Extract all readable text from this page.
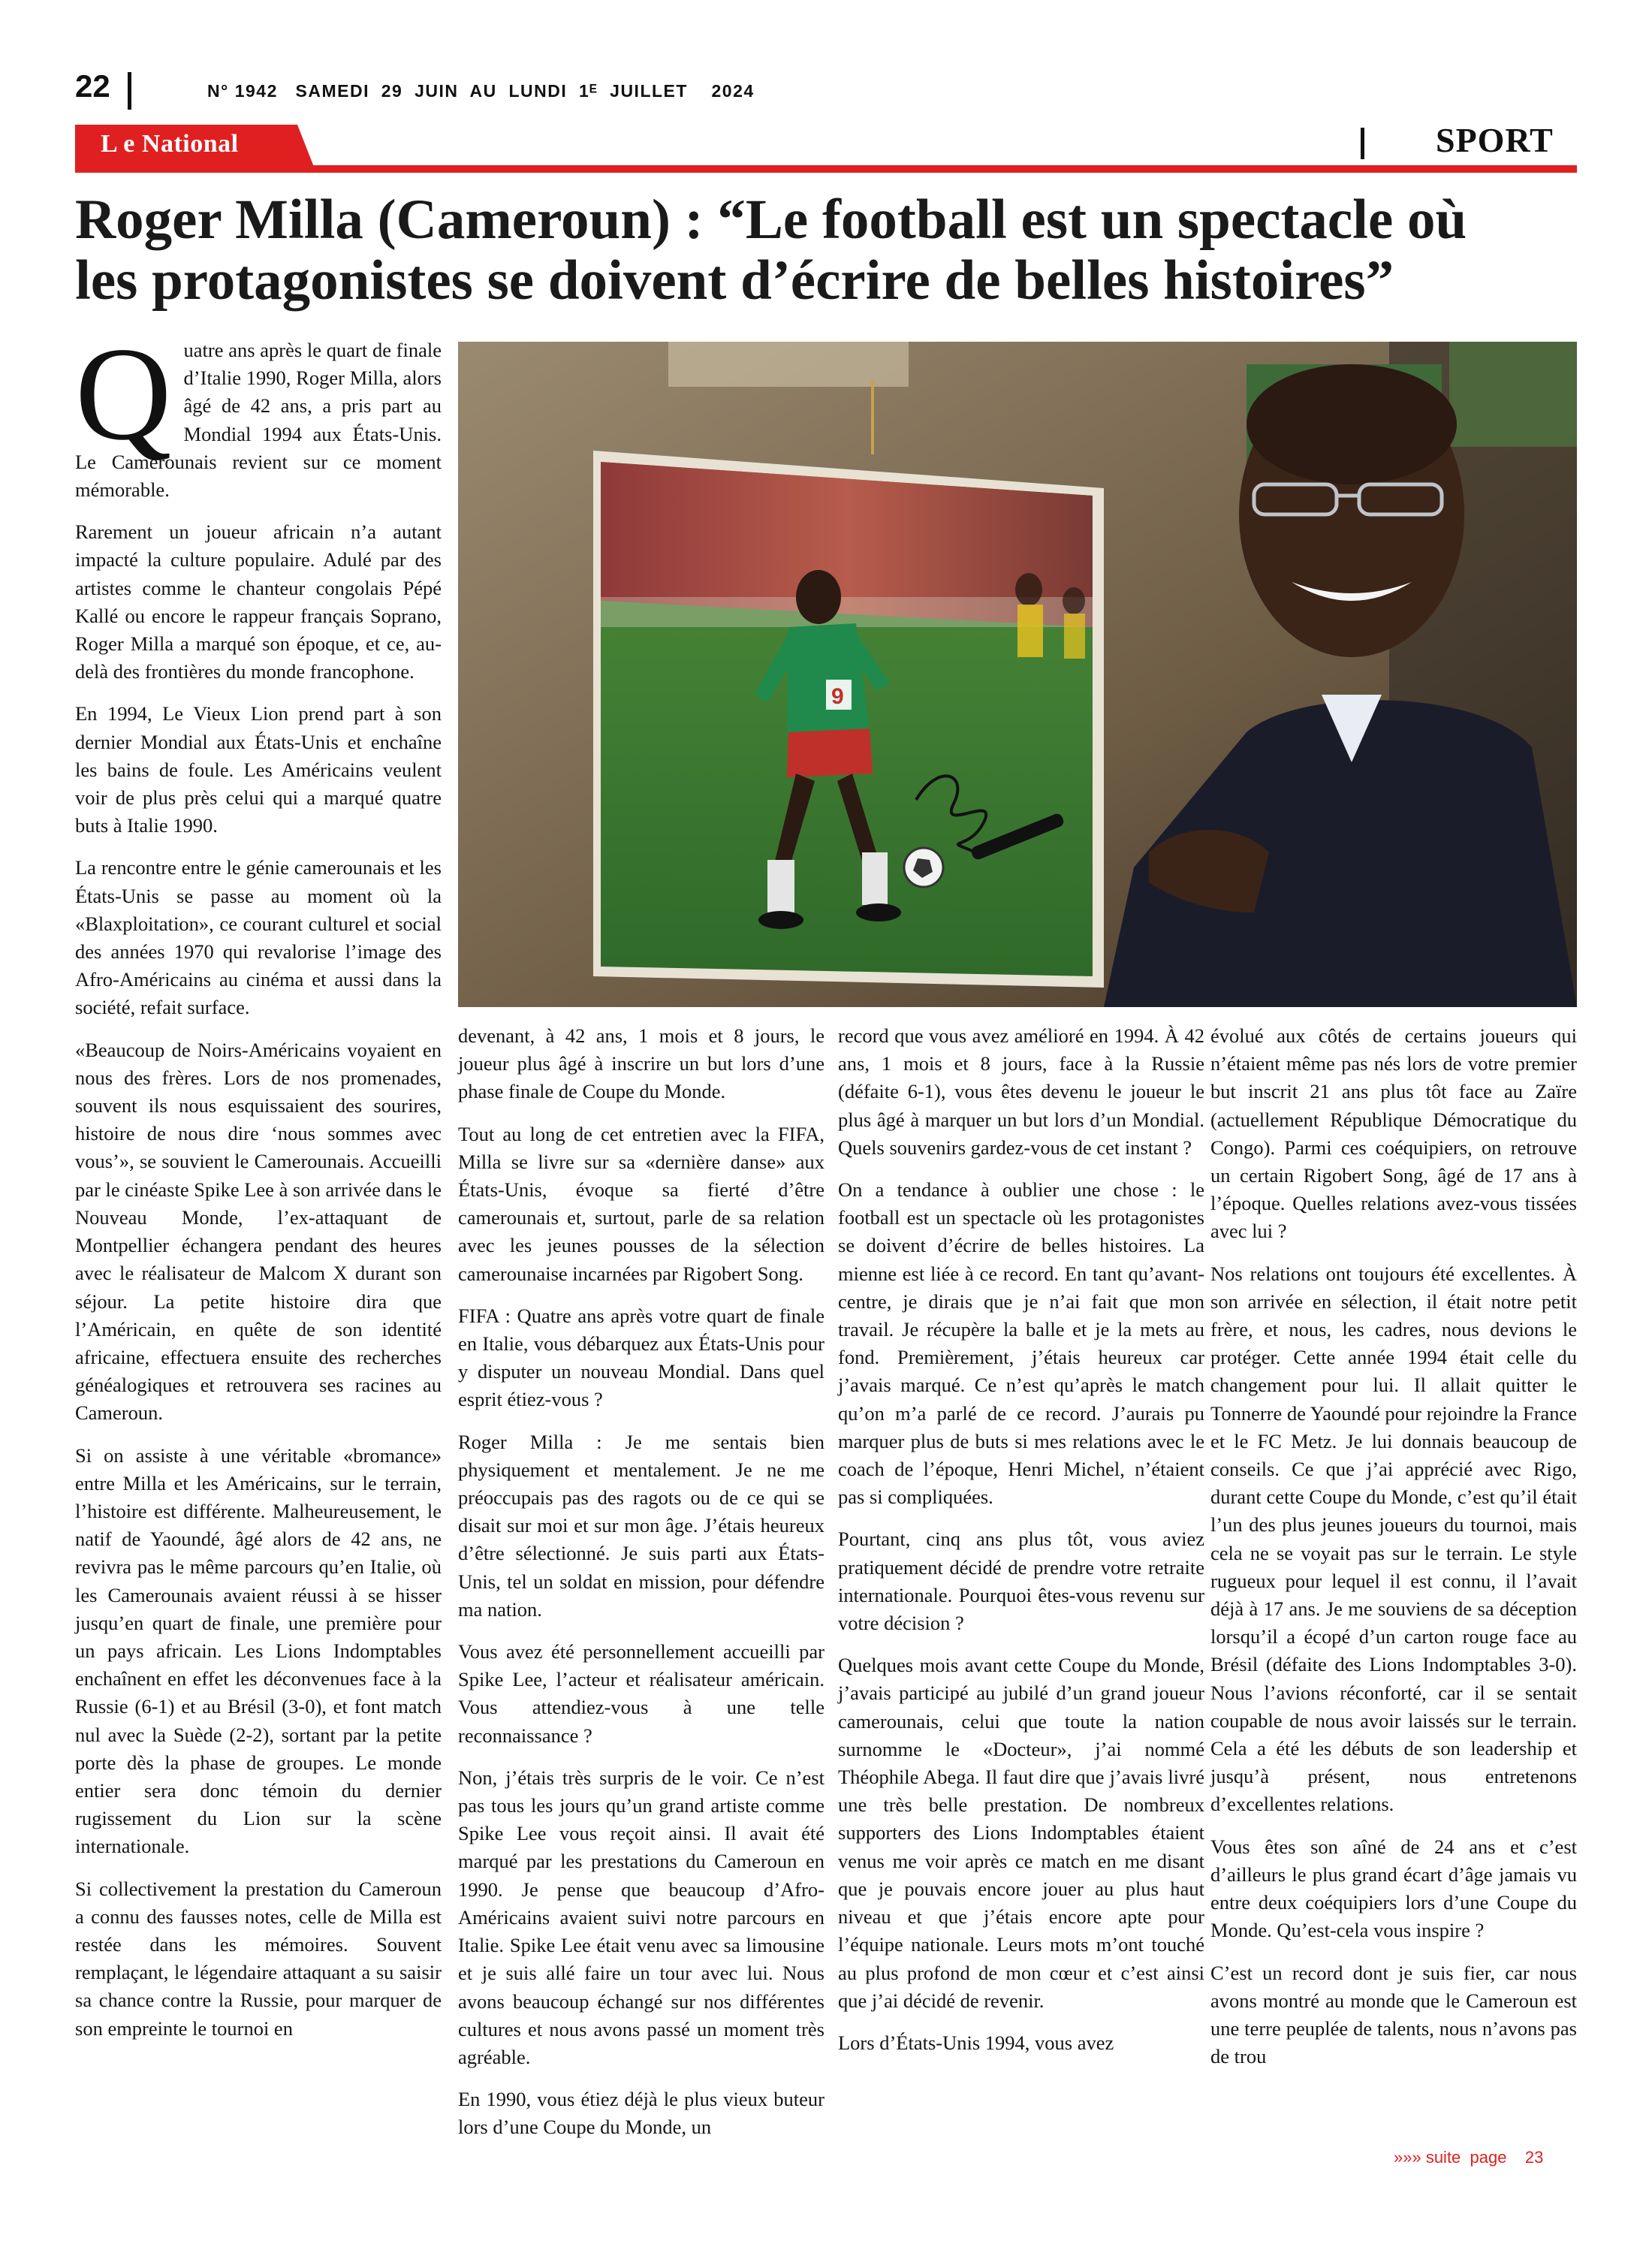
22	N° 1942   SAMEDI  29  JUIN  AU  LUNDI  1ᴱ  JUILLET    2024
L e National	SPORT
Roger Milla (Cameroun) : “Le football est un spectacle où
les protagonistes se doivent d’écrire de belles histoires”

Quatre ans après le quart de finale d’Italie 1990, Roger Milla, alors âgé de 42 ans, a pris part au Mondial 1994 aux États-Unis. Le Camerounais revient sur ce moment mémorable.

Rarement un joueur africain n’a autant impacté la culture populaire. Adulé par des artistes comme le chanteur congolais Pépé Kallé ou encore le rappeur français Soprano, Roger Milla a marqué son époque, et ce, au-delà des frontières du monde francophone.

En 1994, Le Vieux Lion prend part à son dernier Mondial aux États-Unis et enchaîne les bains de foule. Les Américains veulent voir de plus près celui qui a marqué quatre buts à Italie 1990.

La rencontre entre le génie camerounais et les États-Unis se passe au moment où la «Blaxploitation», ce courant culturel et social des années 1970 qui revalorise l’image des Afro-Américains au cinéma et aussi dans la société, refait surface.

«Beaucoup de Noirs-Américains voyaient en nous des frères. Lors de nos promenades, souvent ils nous esquissaient des sourires, histoire de nous dire ‘nous sommes avec vous’», se souvient le Camerounais. Accueilli par le cinéaste Spike Lee à son arrivée dans le Nouveau Monde, l’ex-attaquant de Montpellier échangera pendant des heures avec le réalisateur de Malcom X durant son séjour. La petite histoire dira que l’Américain, en quête de son identité africaine, effectuera ensuite des recherches généalogiques et retrouvera ses racines au Cameroun.

Si on assiste à une véritable «bromance» entre Milla et les Américains, sur le terrain, l’histoire est différente. Malheureusement, le natif de Yaoundé, âgé alors de 42 ans, ne revivra pas le même parcours qu’en Italie, où les Camerounais avaient réussi à se hisser jusqu’en quart de finale, une première pour un pays africain. Les Lions Indomptables enchaînent en effet les déconvenues face à la Russie (6-1) et au Brésil (3-0), et font match nul avec la Suède (2-2), sortant par la petite porte dès la phase de groupes. Le monde entier sera donc témoin du dernier rugissement du Lion sur la scène internationale.

Si collectivement la prestation du Cameroun a connu des fausses notes, celle de Milla est restée dans les mémoires. Souvent remplaçant, le légendaire attaquant a su saisir sa chance contre la Russie, pour marquer de son empreinte le tournoi en

9

devenant, à 42 ans, 1 mois et 8 jours, le joueur plus âgé à inscrire un but lors d’une phase finale de Coupe du Monde.

Tout au long de cet entretien avec la FIFA, Milla se livre sur sa «dernière danse» aux États-Unis, évoque sa fierté d’être camerounais et, surtout, parle de sa relation avec les jeunes pousses de la sélection camerounaise incarnées par Rigobert Song.

FIFA : Quatre ans après votre quart de finale en Italie, vous débarquez aux États-Unis pour y disputer un nouveau Mondial. Dans quel esprit étiez-vous ?

Roger Milla : Je me sentais bien physiquement et mentalement. Je ne me préoccupais pas des ragots ou de ce qui se disait sur moi et sur mon âge. J’étais heureux d’être sélectionné. Je suis parti aux États-Unis, tel un soldat en mission, pour défendre ma nation.

Vous avez été personnellement accueilli par Spike Lee, l’acteur et réalisateur américain. Vous attendiez-vous à une telle reconnaissance ?

Non, j’étais très surpris de le voir. Ce n’est pas tous les jours qu’un grand artiste comme Spike Lee vous reçoit ainsi. Il avait été marqué par les prestations du Cameroun en 1990. Je pense que beaucoup d’Afro-Américains avaient suivi notre parcours en Italie. Spike Lee était venu avec sa limousine et je suis allé faire un tour avec lui. Nous avons beaucoup échangé sur nos différentes cultures et nous avons passé un moment très agréable.

En 1990, vous étiez déjà le plus vieux buteur lors d’une Coupe du Monde, un

record que vous avez amélioré en 1994. À 42 ans, 1 mois et 8 jours, face à la Russie (défaite 6-1), vous êtes devenu le joueur le plus âgé à marquer un but lors d’un Mondial. Quels souvenirs gardez-vous de cet instant ?

On a tendance à oublier une chose : le football est un spectacle où les protagonistes se doivent d’écrire de belles histoires. La mienne est liée à ce record. En tant qu’avant-centre, je dirais que je n’ai fait que mon travail. Je récupère la balle et je la mets au fond. Premièrement, j’étais heureux car j’avais marqué. Ce n’est qu’après le match qu’on m’a parlé de ce record. J’aurais pu marquer plus de buts si mes relations avec le coach de l’époque, Henri Michel, n’étaient pas si compliquées.

Pourtant, cinq ans plus tôt, vous aviez pratiquement décidé de prendre votre retraite internationale. Pourquoi êtes-vous revenu sur votre décision ?

Quelques mois avant cette Coupe du Monde, j’avais participé au jubilé d’un grand joueur camerounais, celui que toute la nation surnomme le «Docteur», j’ai nommé Théophile Abega. Il faut dire que j’avais livré une très belle prestation. De nombreux supporters des Lions Indomptables étaient venus me voir après ce match en me disant que je pouvais encore jouer au plus haut niveau et que j’étais encore apte pour l’équipe nationale. Leurs mots m’ont touché au plus profond de mon cœur et c’est ainsi que j’ai décidé de revenir.

Lors d’États-Unis 1994, vous avez

évolué aux côtés de certains joueurs qui n’étaient même pas nés lors de votre premier but inscrit 21 ans plus tôt face au Zaïre (actuellement République Démocratique du Congo). Parmi ces coéquipiers, on retrouve un certain Rigobert Song, âgé de 17 ans à l’époque. Quelles relations avez-vous tissées avec lui ?

Nos relations ont toujours été excellentes. À son arrivée en sélection, il était notre petit frère, et nous, les cadres, nous devions le protéger. Cette année 1994 était celle du changement pour lui. Il allait quitter le Tonnerre de Yaoundé pour rejoindre la France et le FC Metz. Je lui donnais beaucoup de conseils. Ce que j’ai apprécié avec Rigo, durant cette Coupe du Monde, c’est qu’il était l’un des plus jeunes joueurs du tournoi, mais cela ne se voyait pas sur le terrain. Le style rugueux pour lequel il est connu, il l’avait déjà à 17 ans. Je me souviens de sa déception lorsqu’il a écopé d’un carton rouge face au Brésil (défaite des Lions Indomptables 3-0). Nous l’avions réconforté, car il se sentait coupable de nous avoir laissés sur le terrain. Cela a été les débuts de son leadership et jusqu’à présent, nous entretenons d’excellentes relations.

Vous êtes son aîné de 24 ans et c’est d’ailleurs le plus grand écart d’âge jamais vu entre deux coéquipiers lors d’une Coupe du Monde. Qu’est-cela vous inspire ?

C’est un record dont je suis fier, car nous avons montré au monde que le Cameroun est une terre peuplée de talents, nous n’avons pas de trou

»»» suite  page    23
